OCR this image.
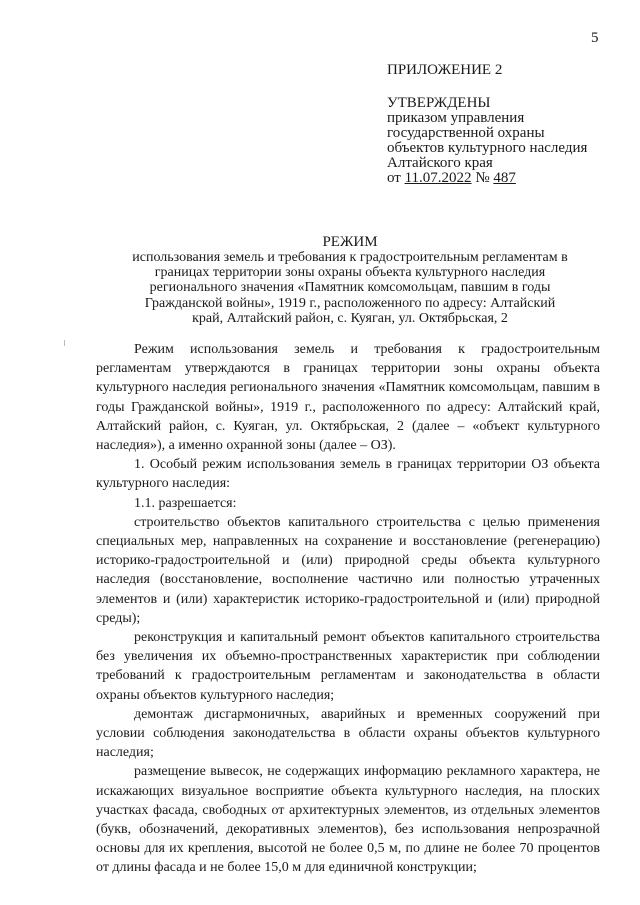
5
ПРИЛОЖЕНИЕ 2
УТВЕРЖДЕНЫ
приказом управления
государственной охраны
объектов культурного наследия
Алтайского края
от 11.07.2022 № 487
РЕЖИМ
использования земель и требования к градостроительным регламентам в границах территории зоны охраны объекта культурного наследия регионального значения «Памятник комсомольцам, павшим в годы Гражданской войны», 1919 г., расположенного по адресу: Алтайский край, Алтайский район, с. Куяган, ул. Октябрьская, 2

Режим использования земель и требования к градостроительным регламентам утверждаются в границах территории зоны охраны объекта культурного наследия регионального значения «Памятник комсомольцам, павшим в годы Гражданской войны», 1919 г., расположенного по адресу: Алтайский край, Алтайский район, с. Куяган, ул. Октябрьская, 2 (далее – «объект культурного наследия»), а именно охранной зоны (далее – ОЗ).

1. Особый режим использования земель в границах территории ОЗ объекта культурного наследия:

1.1. разрешается:

строительство объектов капитального строительства с целью применения специальных мер, направленных на сохранение и восстановление (регенерацию) историко-градостроительной и (или) природной среды объекта культурного наследия (восстановление, восполнение частично или полностью утраченных элементов и (или) характеристик историко-градостроительной и (или) природной среды);

реконструкция и капитальный ремонт объектов капитального строительства без увеличения их объемно-пространственных характеристик при соблюдении требований к градостроительным регламентам и законодательства в области охраны объектов культурного наследия;

демонтаж дисгармоничных, аварийных и временных сооружений при условии соблюдения законодательства в области охраны объектов культурного наследия;

размещение вывесок, не содержащих информацию рекламного характера, не искажающих визуальное восприятие объекта культурного наследия, на плоских участках фасада, свободных от архитектурных элементов, из отдельных элементов (букв, обозначений, декоративных элементов), без использования непрозрачной основы для их крепления, высотой не более 0,5 м, по длине не более 70 процентов от длины фасада и не более 15,0 м для единичной конструкции;
